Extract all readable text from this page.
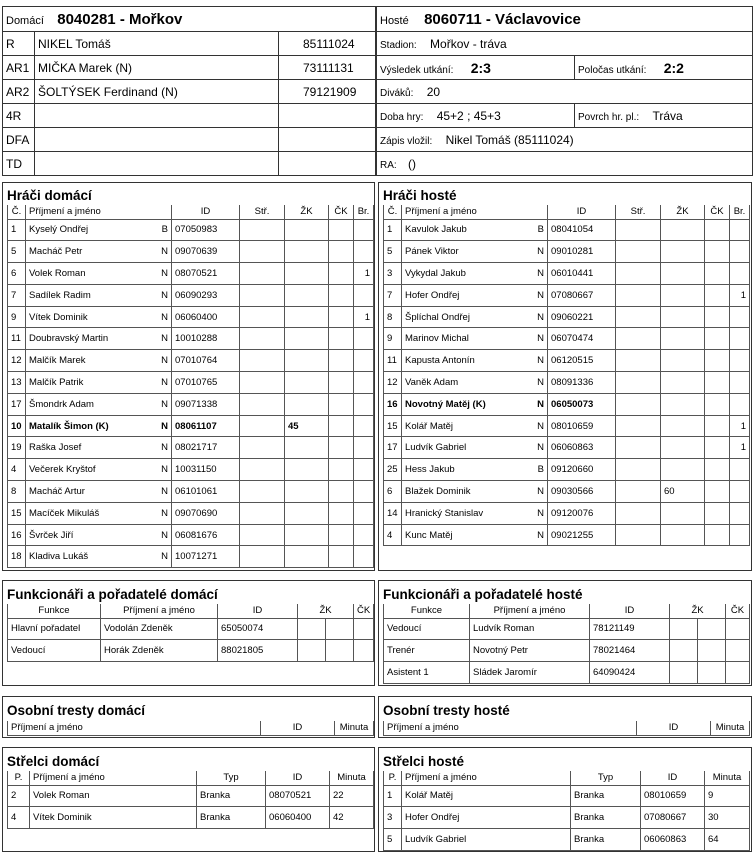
Domácí 8040281 - Mořkov		
R	NIKEL Tomáš	85111024
AR1	MIČKA Marek (N)	73111131
AR2	ŠOLTÝSEK Ferdinand (N)	79121909
4R		
DFA		
TD		
Hosté 8060711 - Václavovice	
Stadion: Mořkov - tráva	
Výsledek utkání: 2:3	Poločas utkání: 2:2
Diváků: 20	
Doba hry: 45+2 ; 45+3	Povrch hr. pl.: Tráva
Zápis vložil: Nikel Tomáš (85111024)	
RA: ()	
Hráči domácí
Č.	Příjmení a jméno		ID	Stř.	ŽK	ČK	Br.
1	Kyselý Ondřej	B	07050983				
5	Macháč Petr	N	09070639				
6	Volek Roman	N	08070521				1
7	Sadílek Radim	N	06090293				
9	Vítek Dominik	N	06060400				1
11	Doubravský Martin	N	10010288				
12	Malčík Marek	N	07010764				
13	Malčík Patrik	N	07010765				
17	Šmondrk Adam	N	09071338				
10	Matalík Šimon (K)	N	08061107		45		
19	Raška Josef	N	08021717				
4	Večerek Kryštof	N	10031150				
8	Macháč Artur	N	06101061				
15	Macíček Mikuláš	N	09070690				
16	Švrček Jiří	N	06081676				
18	Kladiva Lukáš	N	10071271				
Hráči hosté
Č.	Příjmení a jméno		ID	Stř.	ŽK	ČK	Br.
1	Kavulok Jakub	B	08041054				
5	Pánek Viktor	N	09010281				
3	Vykydal Jakub	N	06010441				
7	Hofer Ondřej	N	07080667				1
8	Šplíchal Ondřej	N	09060221				
9	Marinov Michal	N	06070474				
11	Kapusta Antonín	N	06120515				
12	Vaněk Adam	N	08091336				
16	Novotný Matěj (K)	N	06050073				
15	Kolář Matěj	N	08010659				1
17	Ludvík Gabriel	N	06060863				1
25	Hess Jakub	B	09120660				
6	Blažek Dominik	N	09030566		60		
14	Hranický Stanislav	N	09120076				
4	Kunc Matěj	N	09021255				
Funkcionáři a pořadatelé domácí
Funkce	Příjmení a jméno	ID	ŽK		ČK
Hlavní pořadatel	Vodolán Zdeněk	65050074			
Vedoucí	Horák Zdeněk	88021805			
Funkcionáři a pořadatelé hosté
Funkce	Příjmení a jméno	ID	ŽK		ČK
Vedoucí	Ludvík Roman	78121149			
Trenér	Novotný Petr	78021464			
Asistent 1	Sládek Jaromír	64090424			
Osobní tresty domácí
Příjmení a jméno	ID	Minuta
Osobní tresty hosté
Příjmení a jméno	ID	Minuta
Střelci domácí
P.	Příjmení a jméno	Typ	ID	Minuta
2	Volek Roman	Branka	08070521	22
4	Vítek Dominik	Branka	06060400	42
Střelci hosté
P.	Příjmení a jméno	Typ	ID	Minuta
1	Kolář Matěj	Branka	08010659	9
3	Hofer Ondřej	Branka	07080667	30
5	Ludvík Gabriel	Branka	06060863	64
